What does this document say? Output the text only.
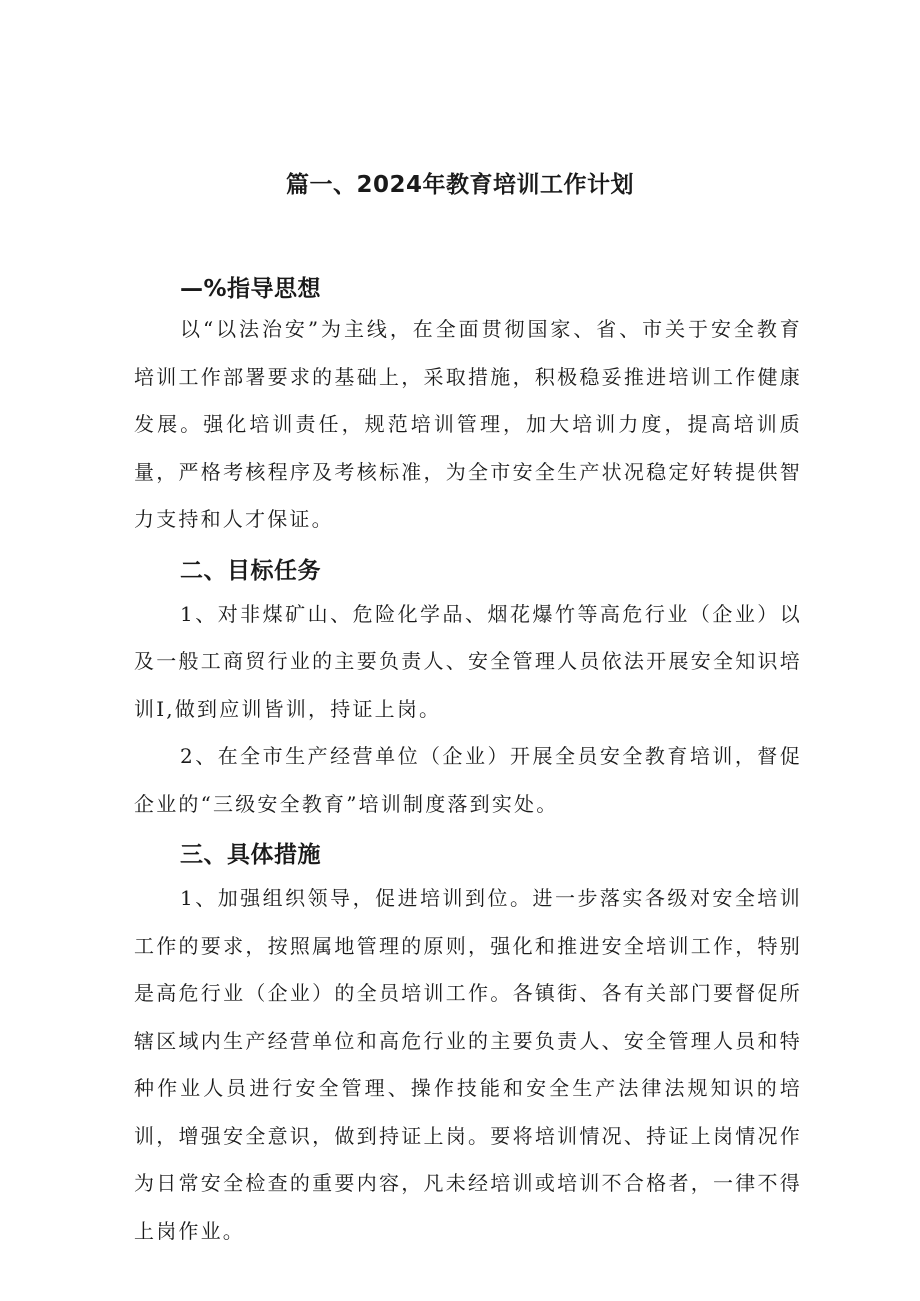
篇一、2024年教育培训工作计划
—%指导思想

以“以法治安”为主线，在全面贯彻国家、省、市关于安全教育培训工作部署要求的基础上，采取措施，积极稳妥推进培训工作健康发展。强化培训责任，规范培训管理，加大培训力度，提高培训质量，严格考核程序及考核标准，为全市安全生产状况稳定好转提供智力支持和人才保证。

二、目标任务

1、对非煤矿山、危险化学品、烟花爆竹等高危行业（企业）以及一般工商贸行业的主要负责人、安全管理人员依法开展安全知识培训I,做到应训皆训，持证上岗。

2、在全市生产经营单位（企业）开展全员安全教育培训，督促企业的“三级安全教育”培训制度落到实处。

三、具体措施

1、加强组织领导，促进培训到位。进一步落实各级对安全培训工作的要求，按照属地管理的原则，强化和推进安全培训工作，特别是高危行业（企业）的全员培训工作。各镇街、各有关部门要督促所辖区域内生产经营单位和高危行业的主要负责人、安全管理人员和特种作业人员进行安全管理、操作技能和安全生产法律法规知识的培训，增强安全意识，做到持证上岗。要将培训情况、持证上岗情况作为日常安全检查的重要内容，凡未经培训或培训不合格者，一律不得上岗作业。
